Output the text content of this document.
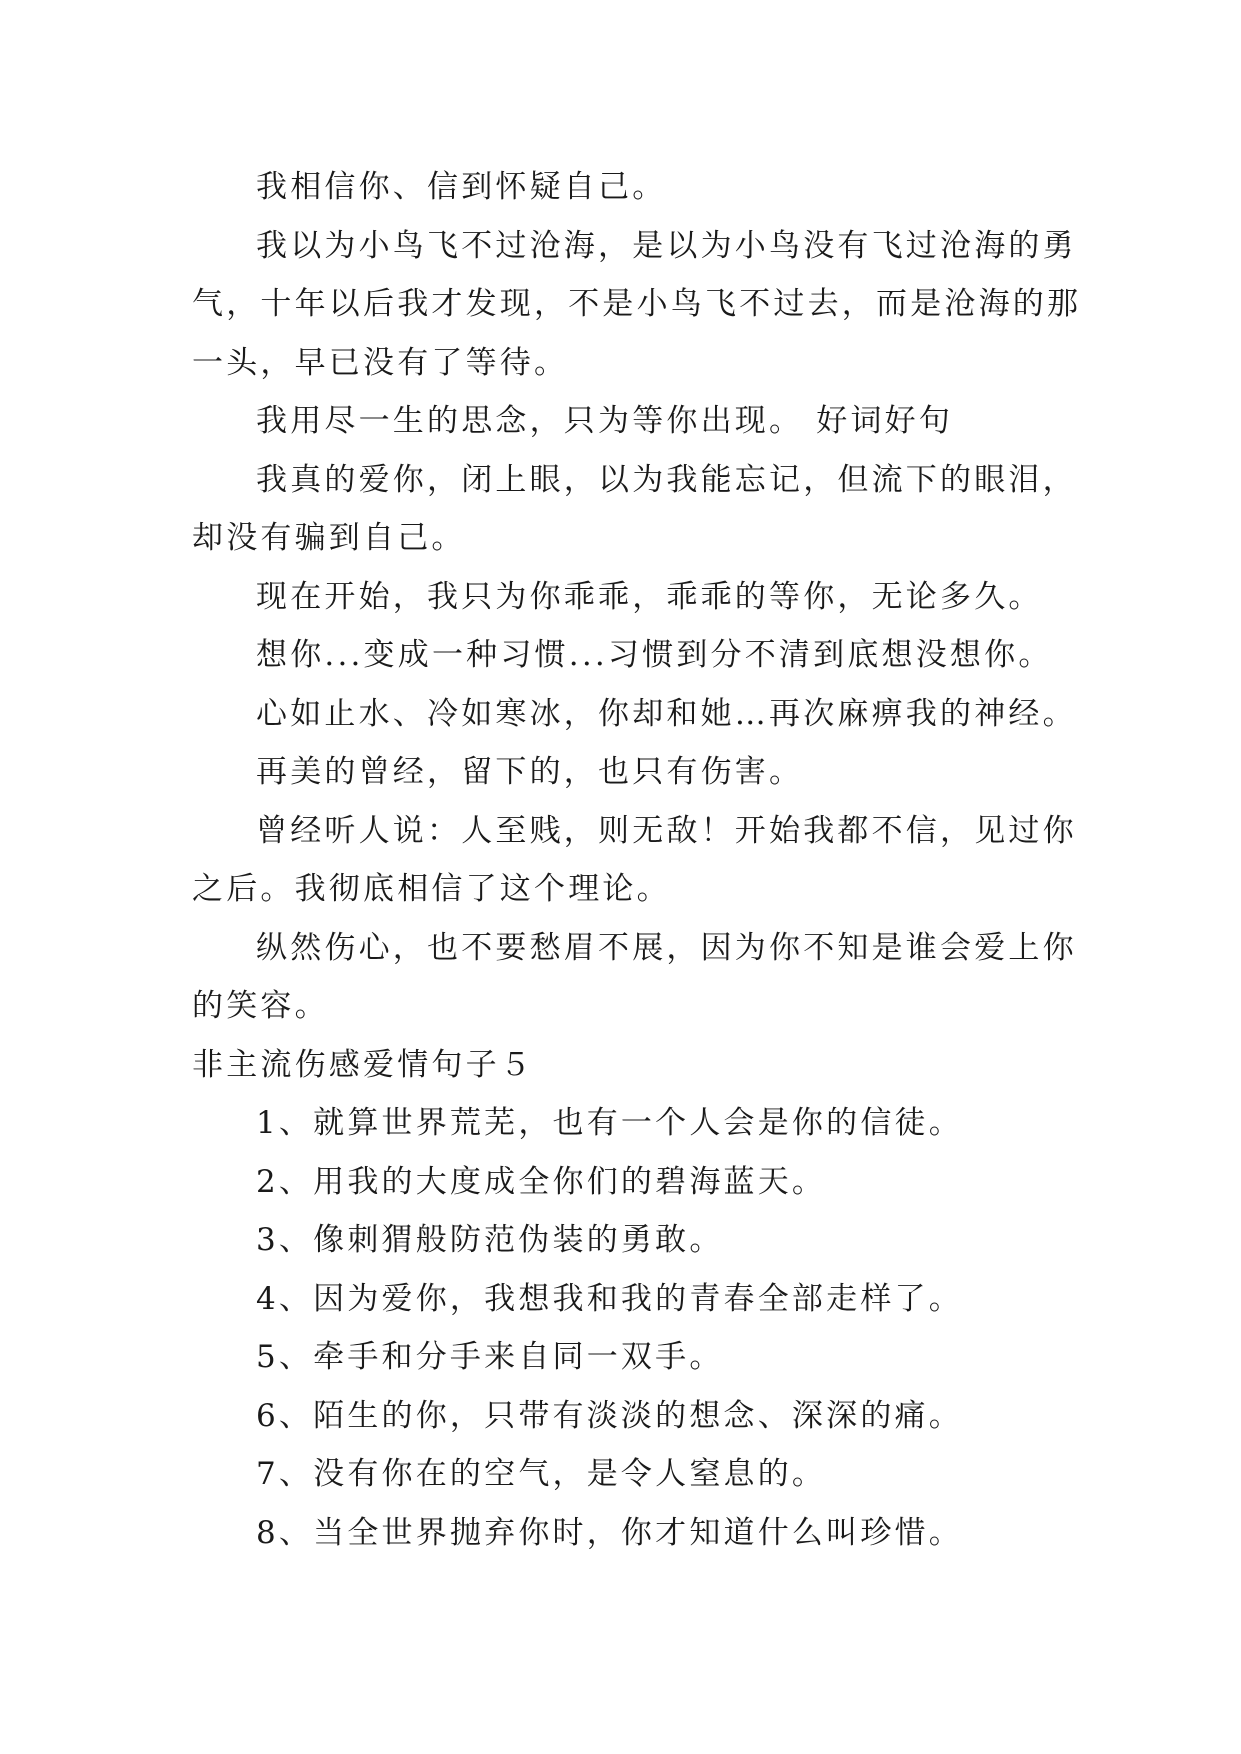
我相信你、信到怀疑自己。

我以为小鸟飞不过沧海，是以为小鸟没有飞过沧海的勇气，十年以后我才发现，不是小鸟飞不过去，而是沧海的那一头，早已没有了等待。

我用尽一生的思念，只为等你出现。 好词好句

我真的爱你，闭上眼，以为我能忘记，但流下的眼泪，却没有骗到自己。

现在开始，我只为你乖乖，乖乖的等你，无论多久。

想你...变成一种习惯...习惯到分不清到底想没想你。

心如止水、冷如寒冰，你却和她…再次麻痹我的神经。

再美的曾经，留下的，也只有伤害。

曾经听人说：人至贱，则无敌！开始我都不信，见过你之后。我彻底相信了这个理论。

纵然伤心，也不要愁眉不展，因为你不知是谁会爱上你的笑容。

非主流伤感爱情句子５

1、就算世界荒芜，也有一个人会是你的信徒。

2、用我的大度成全你们的碧海蓝天。

3、像刺猬般防范伪装的勇敢。

4、因为爱你，我想我和我的青春全部走样了。

5、牵手和分手来自同一双手。

6、陌生的你，只带有淡淡的想念、深深的痛。

7、没有你在的空气，是令人窒息的。

8、当全世界抛弃你时，你才知道什么叫珍惜。
